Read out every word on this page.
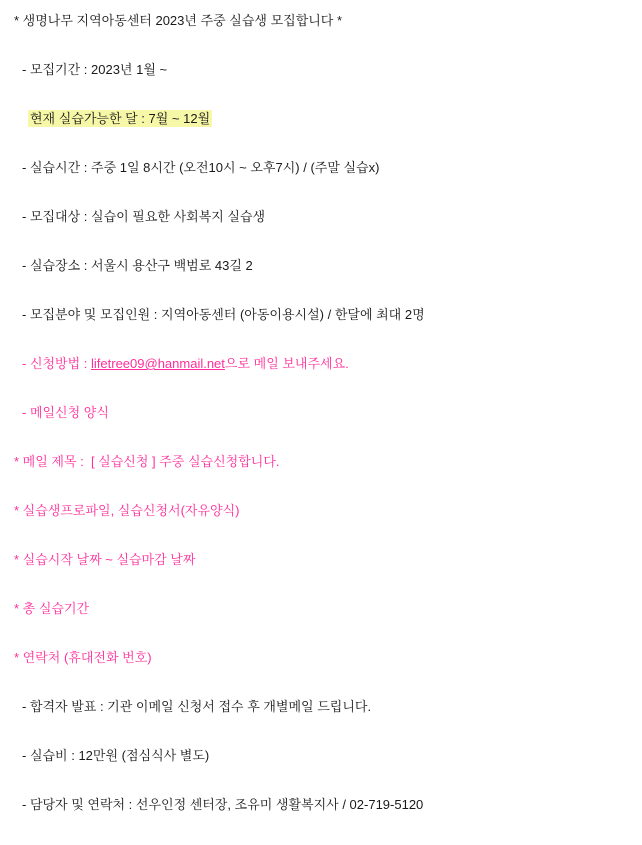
* 생명나무 지역아동센터 2023년 주중 실습생 모집합니다 *
- 모집기간 : 2023년 1월 ~
현재 실습가능한 달 : 7월 ~ 12월
- 실습시간 : 주중 1일 8시간 (오전10시 ~ 오후7시) / (주말 실습x)
- 모집대상 : 실습이 필요한 사회복지 실습생
- 실습장소 : 서울시 용산구 백범로 43길 2
- 모집분야 및 모집인원 : 지역아동센터 (아동이용시설) / 한달에 최대 2명
- 신청방법 : lifetree09@hanmail.net으로 메일 보내주세요.
- 메일신청 양식
* 메일 제목 :  [ 실습신청 ] 주중 실습신청합니다.
* 실습생프로파일, 실습신청서(자유양식)
* 실습시작 날짜 ~ 실습마감 날짜
* 총 실습기간
* 연락처 (휴대전화 번호)
- 합격자 발표 : 기관 이메일 신청서 접수 후 개별메일 드립니다.
- 실습비 : 12만원 (점심식사 별도)
- 담당자 및 연락처 : 선우인정 센터장, 조유미 생활복지사 / 02-719-5120
